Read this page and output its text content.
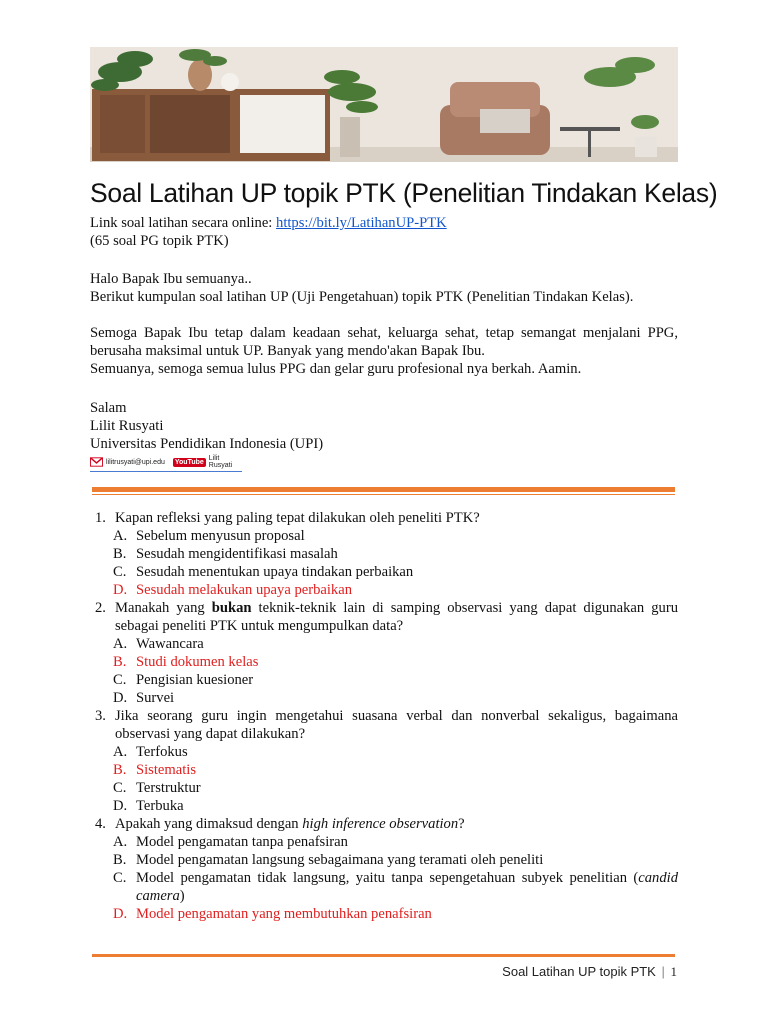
Soal Latihan UP topik PTK (Penelitian Tindakan Kelas)

Link soal latihan secara online: https://bit.ly/LatihanUP-PTK

(65 soal PG topik PTK)

Halo Bapak Ibu semuanya..

Berikut kumpulan soal latihan UP (Uji Pengetahuan) topik PTK (Penelitian Tindakan Kelas).

Semoga Bapak Ibu tetap dalam keadaan sehat, keluarga sehat, tetap semangat menjalani PPG, berusaha maksimal untuk UP. Banyak yang mendo'akan Bapak Ibu.

Semuanya, semoga semua lulus PPG dan gelar guru profesional nya berkah. Aamin.

Salam

Lilit Rusyati

Universitas Pendidikan Indonesia (UPI)

lilitrusyati@upi.edu YouTube Lilit Rusyati
1. Kapan refleksi yang paling tepat dilakukan oleh peneliti PTK?
A. Sebelum menyusun proposal
B. Sesudah mengidentifikasi masalah
C. Sesudah menentukan upaya tindakan perbaikan
D. Sesudah melakukan upaya perbaikan
2. Manakah yang bukan teknik-teknik lain di samping observasi yang dapat digunakan guru sebagai peneliti PTK untuk mengumpulkan data?
A. Wawancara
B. Studi dokumen kelas
C. Pengisian kuesioner
D. Survei
3. Jika seorang guru ingin mengetahui suasana verbal dan nonverbal sekaligus, bagaimana observasi yang dapat dilakukan?
A. Terfokus
B. Sistematis
C. Terstruktur
D. Terbuka
4. Apakah yang dimaksud dengan high inference observation?
A. Model pengamatan tanpa penafsiran
B. Model pengamatan langsung sebagaimana yang teramati oleh peneliti
C. Model pengamatan tidak langsung, yaitu tanpa sepengetahuan subyek penelitian (candid camera)
D. Model pengamatan yang membutuhkan penafsiran
Soal Latihan UP topik PTK | 1
